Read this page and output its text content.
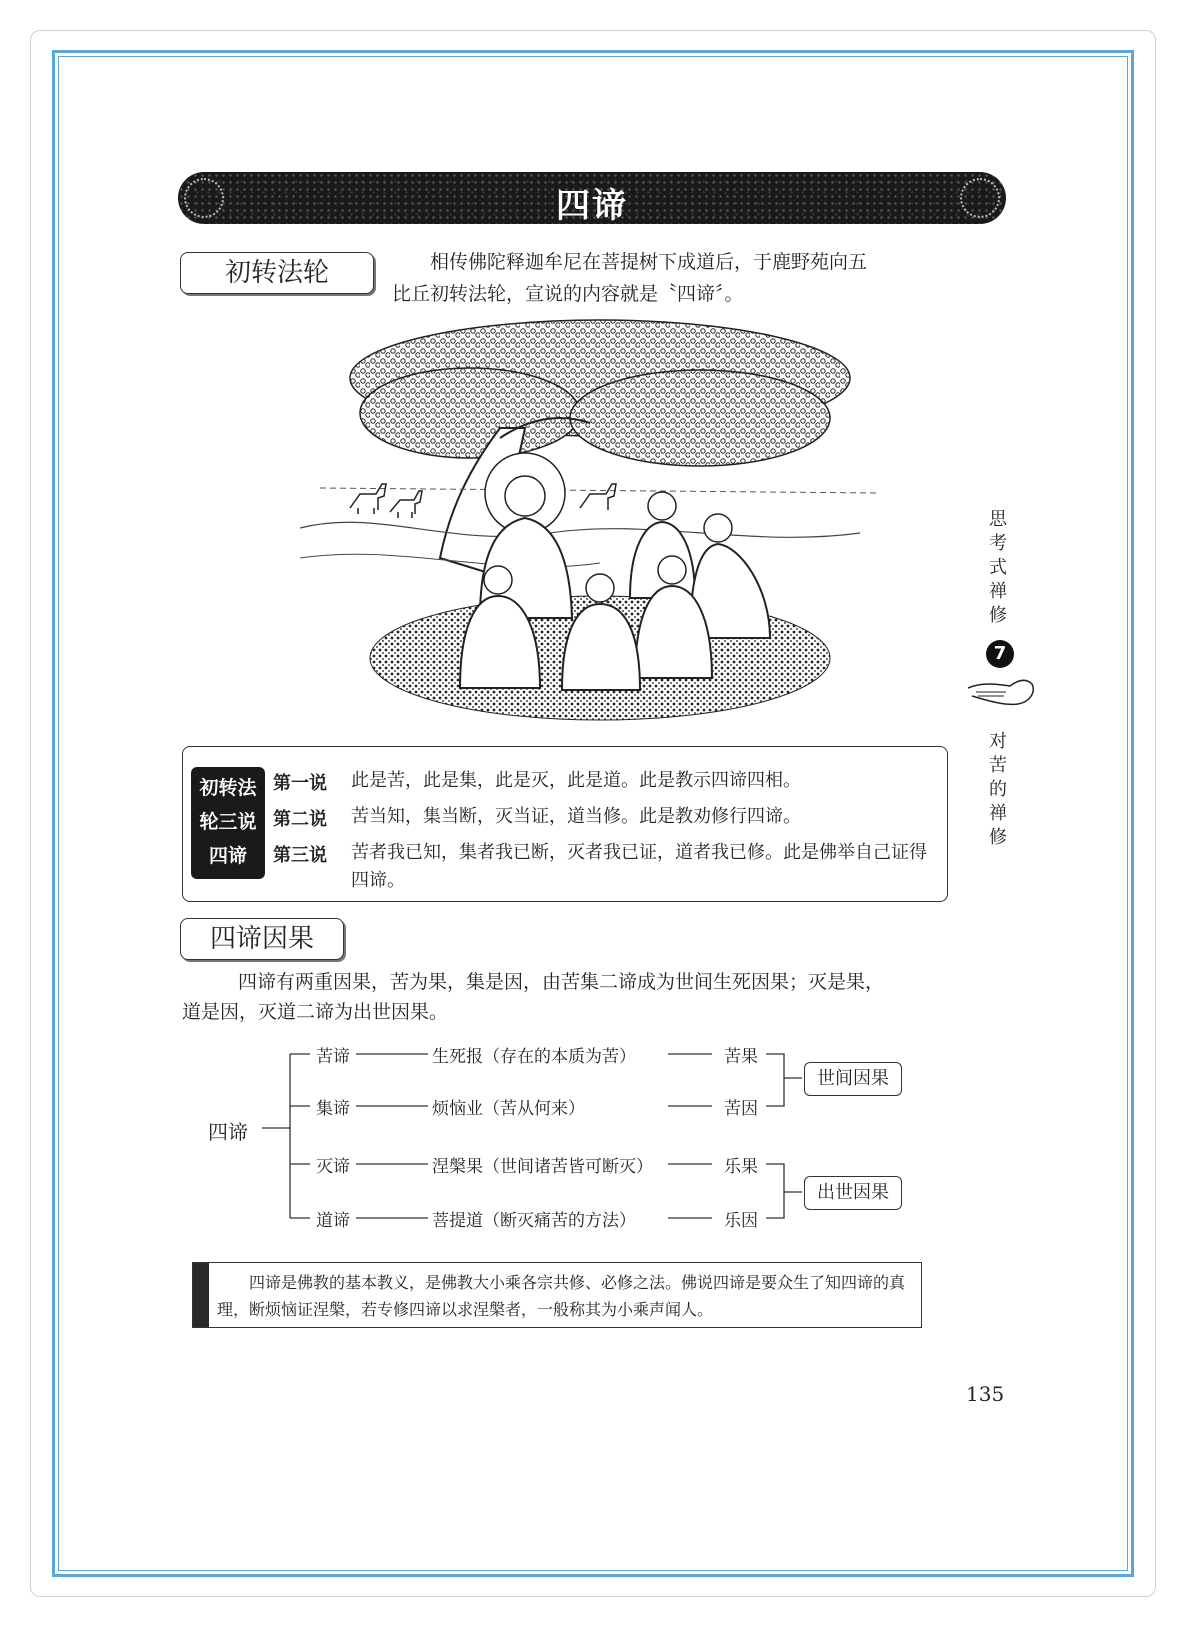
四谛
初转法轮	相传佛陀释迦牟尼在菩提树下成道后，于鹿野苑向五
比丘初转法轮，宣说的内容就是〝四谛〞。
初转法
轮三说
四谛
第一说 此是苦，此是集，此是灭，此是道。此是教示四谛四相。
第二说 苦当知，集当断，灭当证，道当修。此是教劝修行四谛。
第三说 苦者我已知，集者我已断，灭者我已证，道者我已修。此是佛举自己证得四谛。
四谛因果
四谛有两重因果，苦为果，集是因，由苦集二谛成为世间生死因果；灭是果，
道是因，灭道二谛为出世因果。
四谛
苦谛	生死报（存在的本质为苦）	苦果
集谛	烦恼业（苦从何来）	苦因
灭谛	涅槃果（世间诸苦皆可断灭）	乐果
道谛	菩提道（断灭痛苦的方法）	乐因
世间因果
出世因果
四谛是佛教的基本教义，是佛教大小乘各宗共修、必修之法。佛说四谛是要众生了知四谛的真理，断烦恼证涅槃，若专修四谛以求涅槃者，一般称其为小乘声闻人。
思
考
式
禅
修
7
对
苦
的
禅
修
135
